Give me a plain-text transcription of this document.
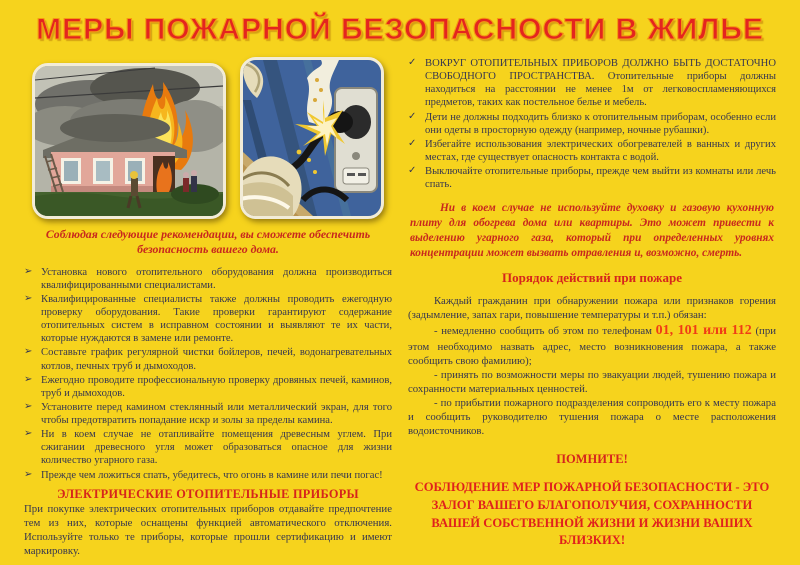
МЕРЫ ПОЖАРНОЙ БЕЗОПАСНОСТИ В ЖИЛЬЕ

Соблюдая следующие рекомендации, вы сможете обеспечить безопасность вашего дома.

➢ Установка нового отопительного оборудования должна производиться квалифицированными специалистами.
➢ Квалифицированные специалисты также должны проводить ежегодную проверку оборудования. Такие проверки гарантируют содержание отопительных систем в исправном состоянии и выявляют те их части, которые нуждаются в замене или ремонте.
➢ Составьте график регулярной чистки бойлеров, печей, водонагревательных котлов, печных труб и дымоходов.
➢ Ежегодно проводите профессиональную проверку дровяных печей, каминов, труб и дымоходов.
➢ Установите перед камином стеклянный или металлический экран, для того чтобы предотвратить попадание искр и золы за пределы камина.
➢ Ни в коем случае не отапливайте помещения древесным углем. При сжигании древесного угля может образоваться опасное для жизни количество угарного газа.
➢ Прежде чем ложиться спать, убедитесь, что огонь в камине или печи погас!
ЭЛЕКТРИЧЕСКИЕ ОТОПИТЕЛЬНЫЕ ПРИБОРЫ

При покупке электрических отопительных приборов отдавайте предпочтение тем из них, которые оснащены функцией автоматического отключения. Используйте только те приборы, которые прошли сертификацию и имеют маркировку.

✓ ВОКРУГ ОТОПИТЕЛЬНЫХ ПРИБОРОВ ДОЛЖНО БЫТЬ ДОСТАТОЧНО СВОБОДНОГО ПРОСТРАНСТВА. Отопительные приборы должны находиться на расстоянии не менее 1м от легковоспламеняющихся предметов, таких как постельное белье и мебель.
✓ Дети не должны подходить близко к отопительным приборам, особенно если они одеты в просторную одежду (например, ночные рубашки).
✓ Избегайте использования электрических обогревателей в ванных и других местах, где существует опасность контакта с водой.
✓ Выключайте отопительные приборы, прежде чем выйти из комнаты или лечь спать.

Ни в коем случае не используйте духовку и газовую кухонную плиту для обогрева дома или квартиры. Это может привести к выделению угарного газа, который при определенных уровнях концентрации может вызвать отравления и, возможно, смерть.

Порядок действий при пожаре

Каждый гражданин при обнаружении пожара или признаков горения (задымление, запах гари, повышение температуры и т.п.) обязан:

- немедленно сообщить об этом по телефонам 01, 101 или 112 (при этом необходимо назвать адрес, место возникновения пожара, а также сообщить свою фамилию);

- принять по возможности меры по эвакуации людей, тушению пожара и сохранности материальных ценностей.

- по прибытии пожарного подразделения сопроводить его к месту пожара и сообщить руководителю тушения пожара о месте расположения водоисточников.

ПОМНИТЕ!

СОБЛЮДЕНИЕ МЕР ПОЖАРНОЙ БЕЗОПАСНОСТИ - ЭТО ЗАЛОГ ВАШЕГО БЛАГОПОЛУЧИЯ, СОХРАННОСТИ ВАШЕЙ СОБСТВЕННОЙ ЖИЗНИ И ЖИЗНИ ВАШИХ БЛИЗКИХ!
